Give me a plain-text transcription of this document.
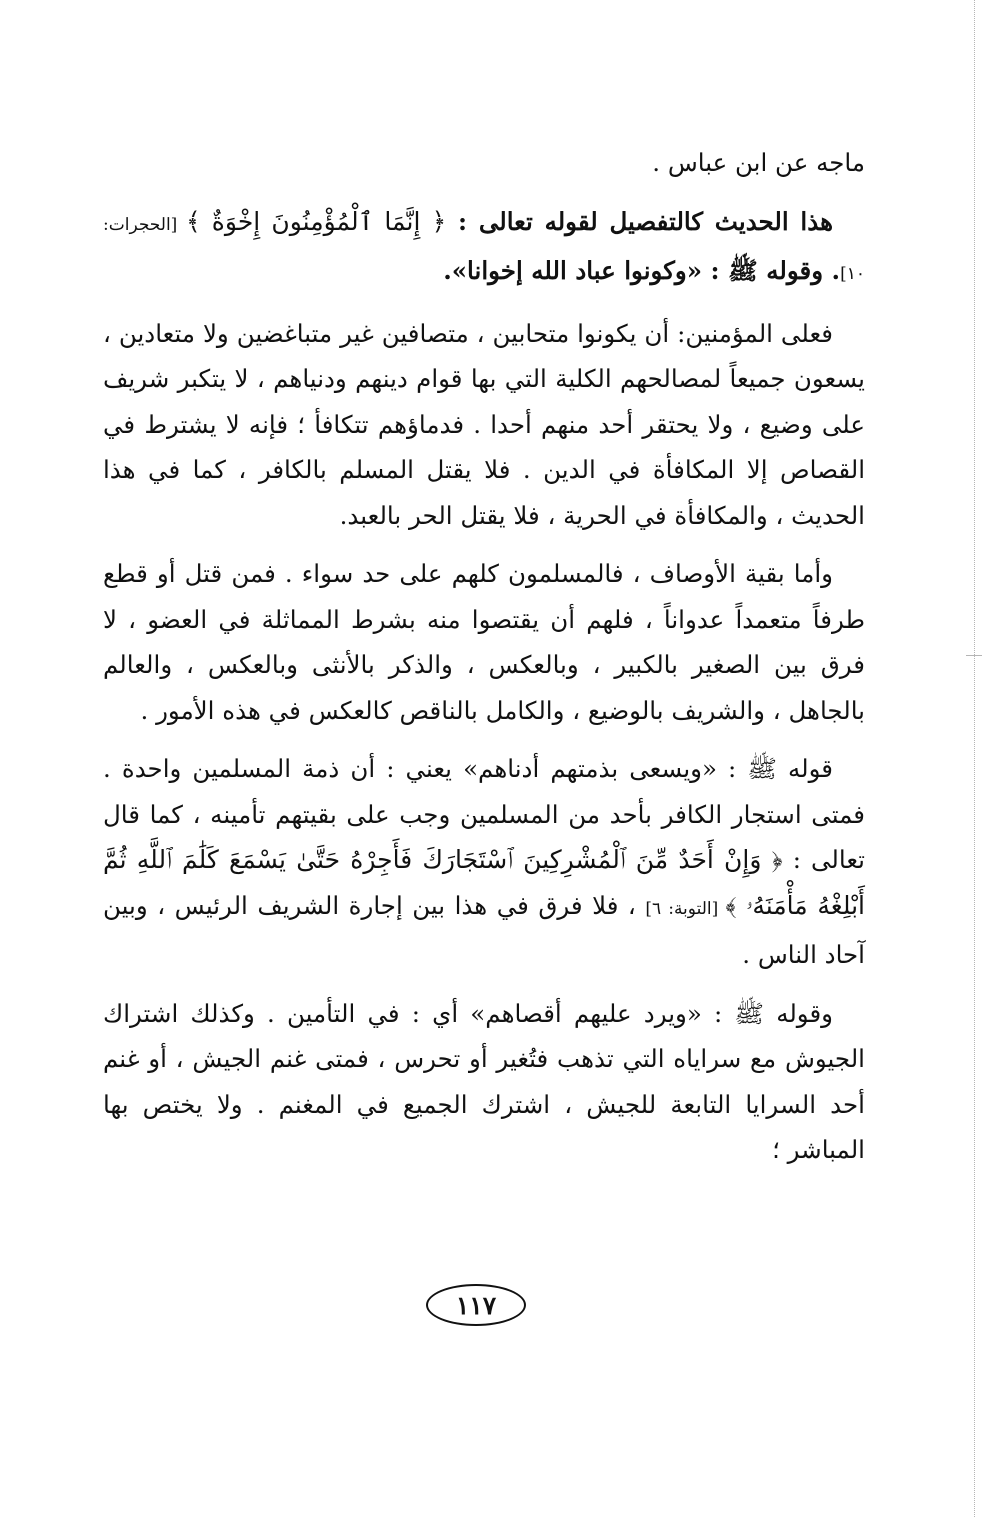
ماجه عن ابن عباس .

هذا الحديث كالتفصيل لقوله تعالى : ﴿ إِنَّمَا ٱلْمُؤْمِنُونَ إِخْوَةٌ ﴾ [الحجرات: ١٠]. وقوله ﷺ : «وكونوا عباد الله إخوانا».

فعلى المؤمنين: أن يكونوا متحابين ، متصافين غير متباغضين ولا متعادين ، يسعون جميعاً لمصالحهم الكلية التي بها قوام دينهم ودنياهم ، لا يتكبر شريف على وضيع ، ولا يحتقر أحد منهم أحدا . فدماؤهم تتكافأ ؛ فإنه لا يشترط في القصاص إلا المكافأة في الدين . فلا يقتل المسلم بالكافر ، كما في هذا الحديث ، والمكافأة في الحرية ، فلا يقتل الحر بالعبد.

وأما بقية الأوصاف ، فالمسلمون كلهم على حد سواء . فمن قتل أو قطع طرفاً متعمداً عدواناً ، فلهم أن يقتصوا منه بشرط المماثلة في العضو ، لا فرق بين الصغير بالكبير ، وبالعكس ، والذكر بالأنثى وبالعكس ، والعالم بالجاهل ، والشريف بالوضيع ، والكامل بالناقص كالعكس في هذه الأمور .

قوله ﷺ : «ويسعى بذمتهم أدناهم» يعني : أن ذمة المسلمين واحدة . فمتى استجار الكافر بأحد من المسلمين وجب على بقيتهم تأمينه ، كما قال تعالى : ﴿ وَإِنْ أَحَدٌ مِّنَ ٱلْمُشْرِكِينَ ٱسْتَجَارَكَ فَأَجِرْهُ حَتَّىٰ يَسْمَعَ كَلَٰمَ ٱللَّهِ ثُمَّ أَبْلِغْهُ مَأْمَنَهُۥ ﴾ [التوبة: ٦] ، فلا فرق في هذا بين إجارة الشريف الرئيس ، وبين آحاد الناس .

وقوله ﷺ : «ويرد عليهم أقصاهم» أي : في التأمين . وكذلك اشتراك الجيوش مع سراياه التي تذهب فتُغير أو تحرس ، فمتى غنم الجيش ، أو غنم أحد السرايا التابعة للجيش ، اشترك الجميع في المغنم . ولا يختص بها المباشر ؛

١١٧
